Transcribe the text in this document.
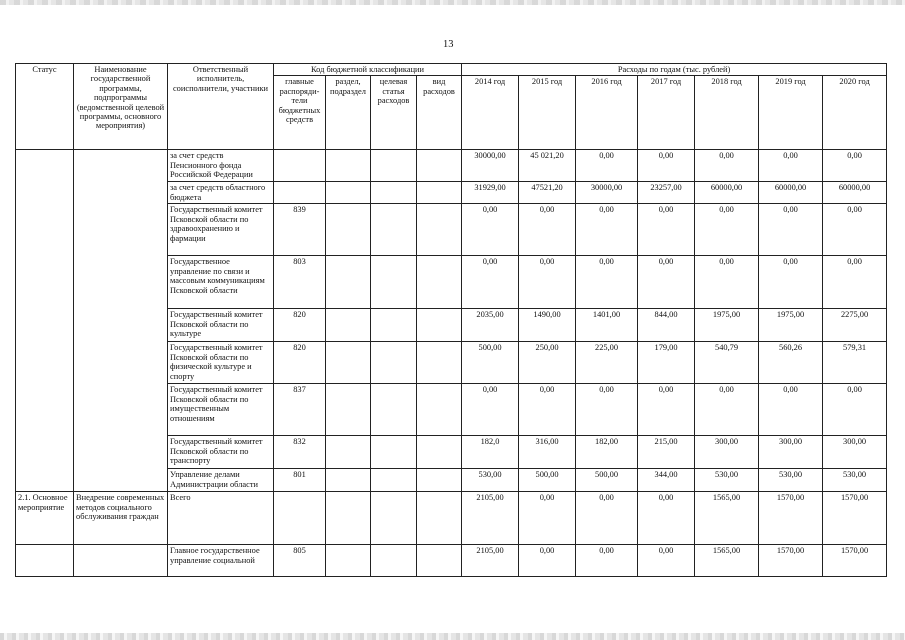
13
Статус	Наименование государственной программы, подпрограммы (ведомственной целевой программы, основного мероприятия)	Ответственный исполнитель, соисполнители, участники	Код бюджетной классификации				Расходы по годам (тыс. рублей)						
			главные распоряди-тели бюджетных средств	раздел, подраздел	целевая статья расходов	вид расходов	2014 год	2015 год	2016 год	2017 год	2018 год	2019 год	2020 год
		за счет средств Пенсионного фонда Российской Федерации					30000,00	45 021,20	0,00	0,00	0,00	0,00	0,00
		за счет средств областного бюджета					31929,00	47521,20	30000,00	23257,00	60000,00	60000,00	60000,00
		Государственный комитет Псковской области по здравоохранению и фармации	839				0,00	0,00	0,00	0,00	0,00	0,00	0,00
		Государственное управление по связи и массовым коммуникациям Псковской области	803				0,00	0,00	0,00	0,00	0,00	0,00	0,00
		Государственный комитет Псковской области по культуре	820				2035,00	1490,00	1401,00	844,00	1975,00	1975,00	2275,00
		Государственный комитет Псковской области по физической культуре и спорту	820				500,00	250,00	225,00	179,00	540,79	560,26	579,31
		Государственный комитет Псковской области по имущественным отношениям	837				0,00	0,00	0,00	0,00	0,00	0,00	0,00
		Государственный комитет Псковской области по транспорту	832				182,0	316,00	182,00	215,00	300,00	300,00	300,00
		Управление делами Администрации области	801				530,00	500,00	500,00	344,00	530,00	530,00	530,00
2.1. Основное мероприятие	Внедрение современных методов социального обслуживания граждан	Всего					2105,00	0,00	0,00	0,00	1565,00	1570,00	1570,00
		Главное государственное управление социальной	805				2105,00	0,00	0,00	0,00	1565,00	1570,00	1570,00
